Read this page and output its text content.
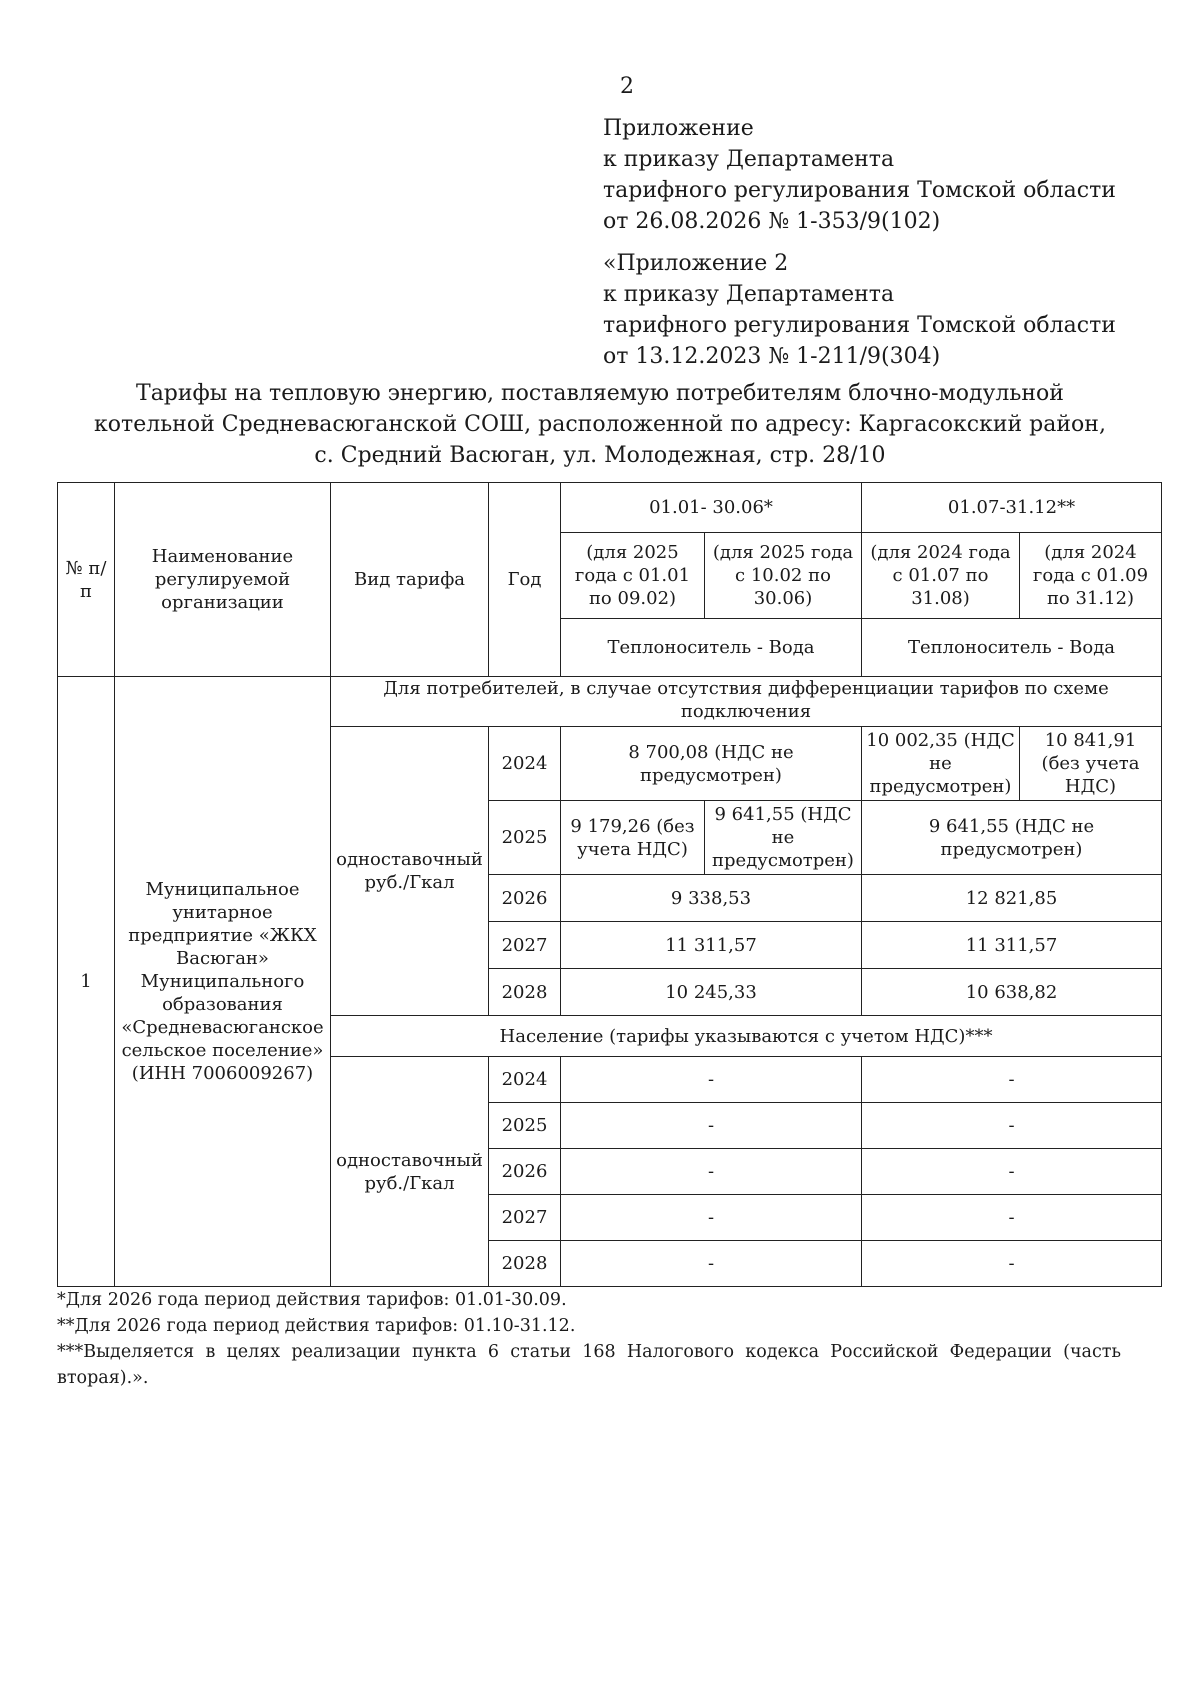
2
Приложение
к приказу Департамента
тарифного регулирования Томской области
от 26.08.2026 № 1-353/9(102)
«Приложение 2
к приказу Департамента
тарифного регулирования Томской области
от 13.12.2023 № 1-211/9(304)
Тарифы на тепловую энергию, поставляемую потребителям блочно-модульной
котельной Средневасюганской СОШ, расположенной по адресу: Каргасокский район,
с. Средний Васюган, ул. Молодежная, стр. 28/10
№ п/п	Наименование регулируемой организации	Вид тарифа	Год	01.01- 30.06*		01.07-31.12**	
				(для 2025 года с 01.01 по 09.02)	(для 2025 года с 10.02 по 30.06)	(для 2024 года с 01.07 по 31.08)	(для 2024 года с 01.09 по 31.12)
				Теплоноситель - Вода		Теплоноситель - Вода	
1	Муниципальное унитарное предприятие «ЖКХ Васюган» Муниципального образования «Средневасюганское сельское поселение» (ИНН 7006009267)	Для потребителей, в случае отсутствия дифференциации тарифов по схеме подключения					
		одноставочный руб./Гкал	2024	8 700,08 (НДС не предусмотрен)		10 002,35 (НДС не предусмотрен)	10 841,91 (без учета НДС)
			2025	9 179,26 (без учета НДС)	9 641,55 (НДС не предусмотрен)	9 641,55 (НДС не предусмотрен)	
			2026	9 338,53		12 821,85	
			2027	11 311,57		11 311,57	
			2028	10 245,33		10 638,82	
		Население (тарифы указываются с учетом НДС)***					
		одноставочный руб./Гкал	2024	-		-	
			2025	-		-	
			2026	-		-	
			2027	-		-	
			2028	-		-	
*Для 2026 года период действия тарифов: 01.01-30.09.
**Для 2026 года период действия тарифов: 01.10-31.12.
***Выделяется в целях реализации пункта 6 статьи 168 Налогового кодекса Российской Федерации (часть
вторая).».
